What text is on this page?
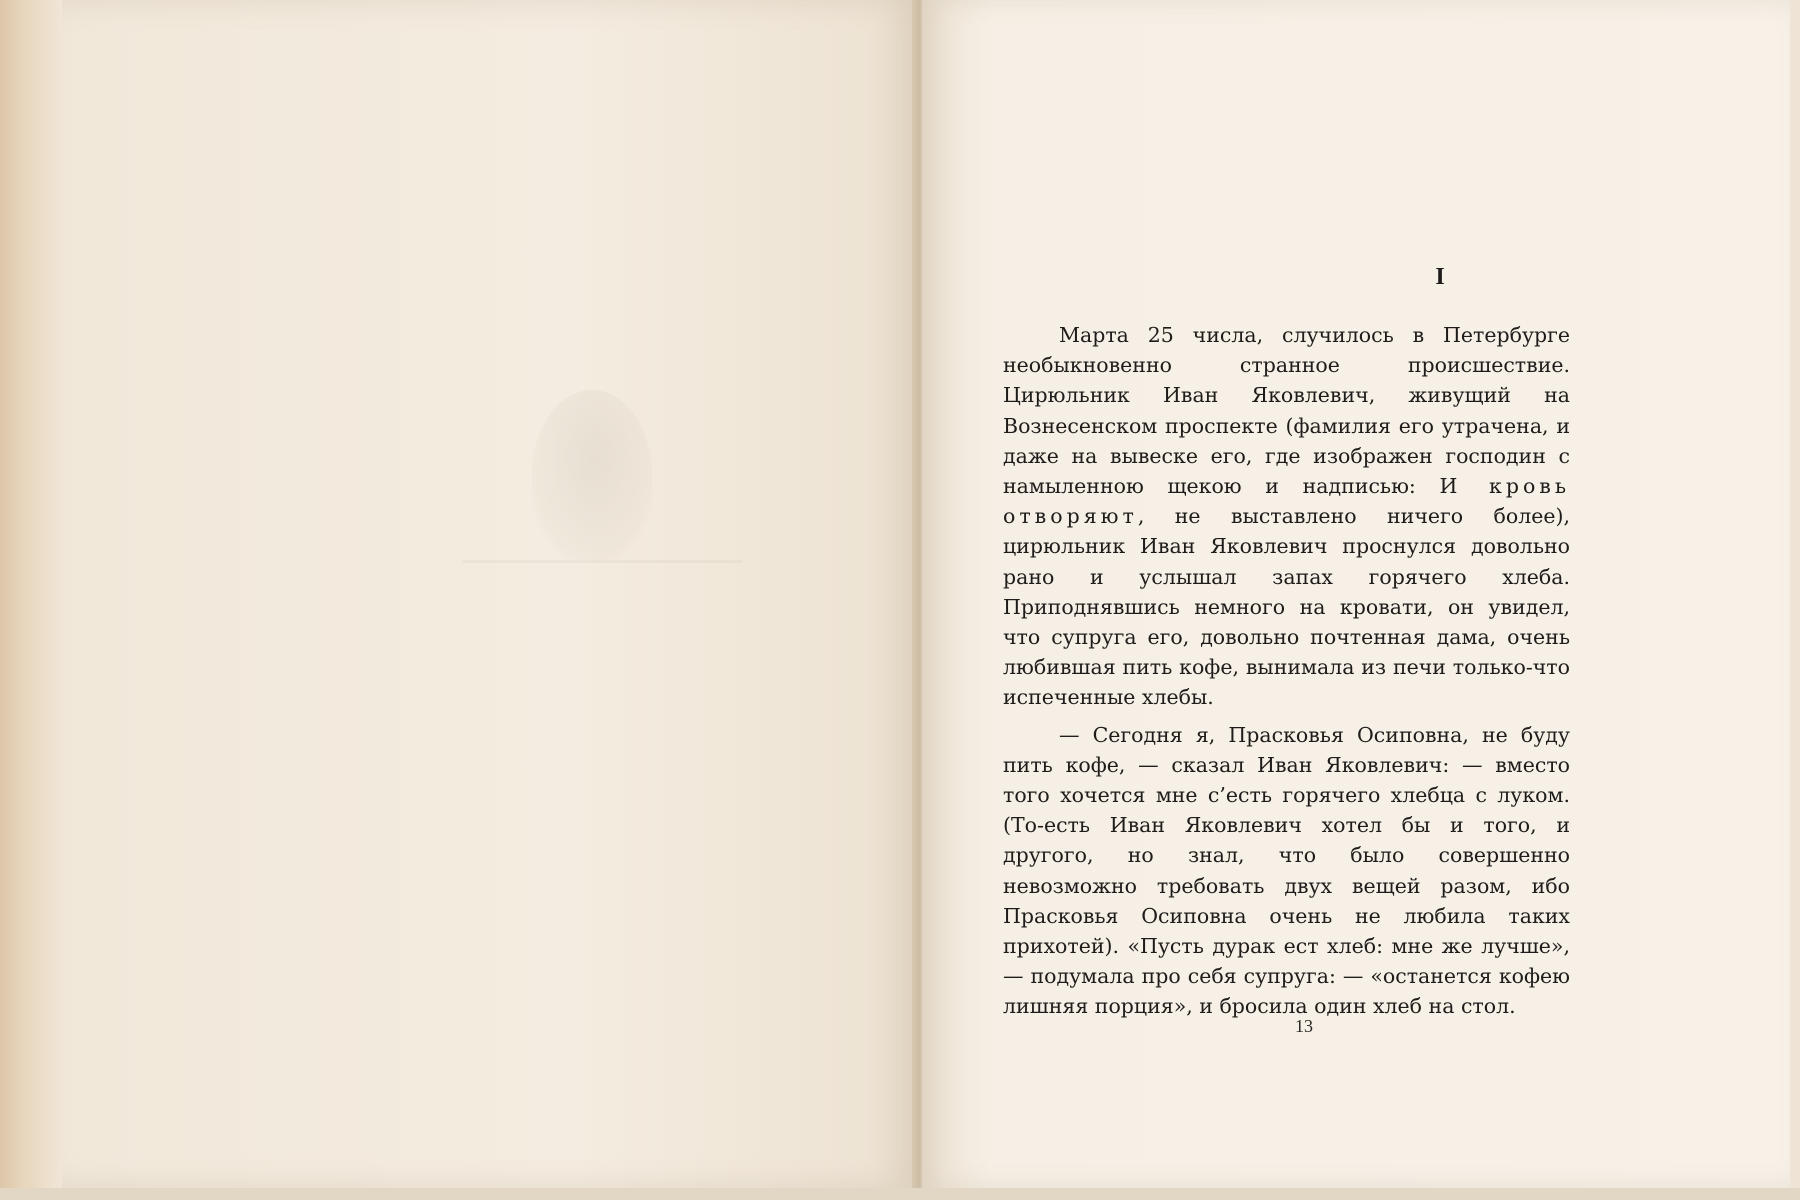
I

Марта 25 числа, случилось в Петербурге необыкновенно странное происшествие. Цирюльник Иван Яковлевич, живущий на Вознесенском проспекте (фамилия его утрачена, и даже на вывеске его, где изображен господин с намыленною щекою и надписью: И кровь отворяют, не выставлено ничего более), цирюльник Иван Яковлевич проснулся довольно рано и услышал запах горячего хлеба. Приподнявшись немного на кровати, он увидел, что супруга его, довольно почтенная дама, очень любившая пить кофе, вынимала из печи только-что испеченные хлебы.

— Сегодня я, Прасковья Осиповна, не буду пить кофе, — сказал Иван Яковлевич: — вместо того хочется мне с’есть горячего хлебца с луком. (То-есть Иван Яковлевич хотел бы и того, и другого, но знал, что было совершенно невозможно требовать двух вещей разом, ибо Прасковья Осиповна очень не любила таких прихотей). «Пусть дурак ест хлеб: мне же лучше», — подумала про себя супруга: — «останется кофею лишняя порция», и бросила один хлеб на стол.

13
